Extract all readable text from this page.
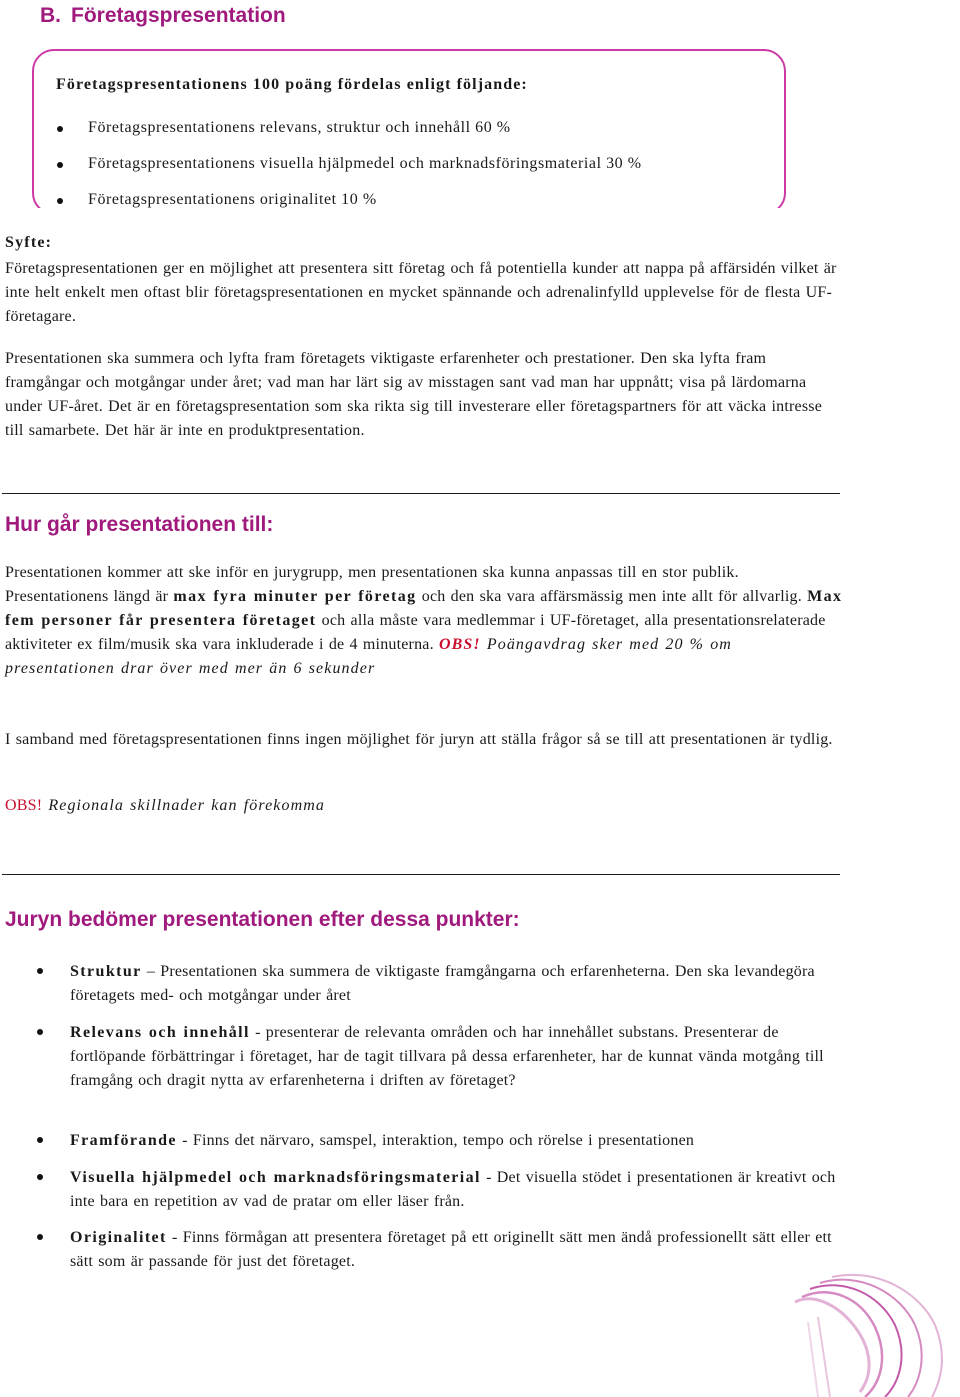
B. Företagspresentation
Företagspresentationens 100 poäng fördelas enligt följande:
Företagspresentationens relevans, struktur och innehåll 60 %
Företagspresentationens visuella hjälpmedel och marknadsföringsmaterial 30 %
Företagspresentationens originalitet 10 %
Syfte:

Företagspresentationen ger en möjlighet att presentera sitt företag och få potentiella kunder att nappa på affärsidén vilket är inte helt enkelt men oftast blir företagspresentationen en mycket spännande och adrenalinfylld upplevelse för de flesta UF-företagare.

Presentationen ska summera och lyfta fram företagets viktigaste erfarenheter och prestationer. Den ska lyfta fram framgångar och motgångar under året; vad man har lärt sig av misstagen sant vad man har uppnått; visa på lärdomarna under UF-året. Det är en företagspresentation som ska rikta sig till investerare eller företagspartners för att väcka intresse till samarbete. Det här är inte en produktpresentation.

Hur går presentationen till:

Presentationen kommer att ske inför en jurygrupp, men presentationen ska kunna anpassas till en stor publik. Presentationens längd är max fyra minuter per företag och den ska vara affärsmässig men inte allt för allvarlig. Max fem personer får presentera företaget och alla måste vara medlemmar i UF-företaget, alla presentationsrelaterade aktiviteter ex film/musik ska vara inkluderade i de 4 minuterna. OBS! Poängavdrag sker med 20 % om presentationen drar över med mer än 6 sekunder

I samband med företagspresentationen finns ingen möjlighet för juryn att ställa frågor så se till att presentationen är tydlig.

OBS! Regionala skillnader kan förekomma

Juryn bedömer presentationen efter dessa punkter:
Struktur – Presentationen ska summera de viktigaste framgångarna och erfarenheterna. Den ska levandegöra företagets med- och motgångar under året
Relevans och innehåll - presenterar de relevanta områden och har innehållet substans. Presenterar de fortlöpande förbättringar i företaget, har de tagit tillvara på dessa erfarenheter, har de kunnat vända motgång till framgång och dragit nytta av erfarenheterna i driften av företaget?
Framförande - Finns det närvaro, samspel, interaktion, tempo och rörelse i presentationen
Visuella hjälpmedel och marknadsföringsmaterial - Det visuella stödet i presentationen är kreativt och inte bara en repetition av vad de pratar om eller läser från.
Originalitet - Finns förmågan att presentera företaget på ett originellt sätt men ändå professionellt sätt eller ett sätt som är passande för just det företaget.
